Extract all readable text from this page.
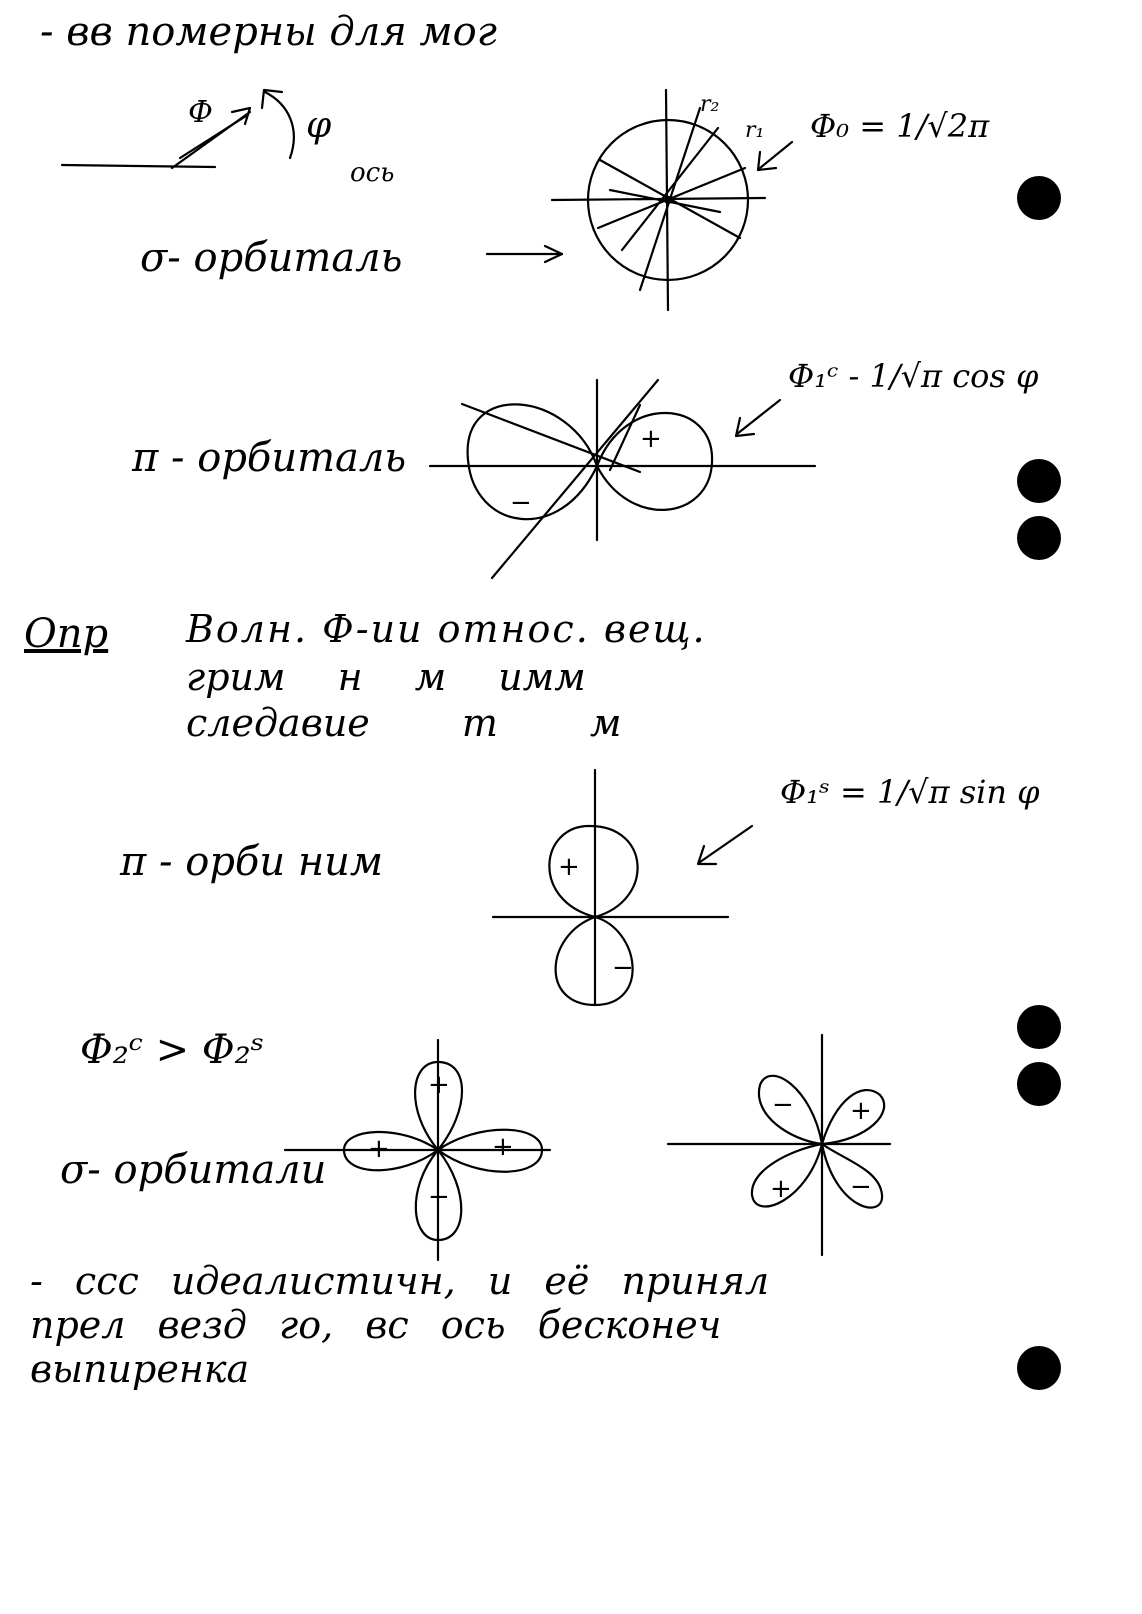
- вв померны для мог
Ф	φ
ось
r₂
r₁ Φ₀ = 1/√2π
σ- орбиталь
Φ₁ᶜ - 1/√π cos φ
π - орбиталь
Опр Волн. Ф-ии относ. вещ.
грим н м имм
следавие т м
Φ₁ˢ = 1/√π sin φ
π - орби ним
Φ₂ᶜ > Φ₂ˢ
σ- орбитали
- ссс идеалистичн, и её принял
прел везд го, вс ось бесконеч
выпиренка
+
−
+
−
+
+	+
−
− +
+ −
